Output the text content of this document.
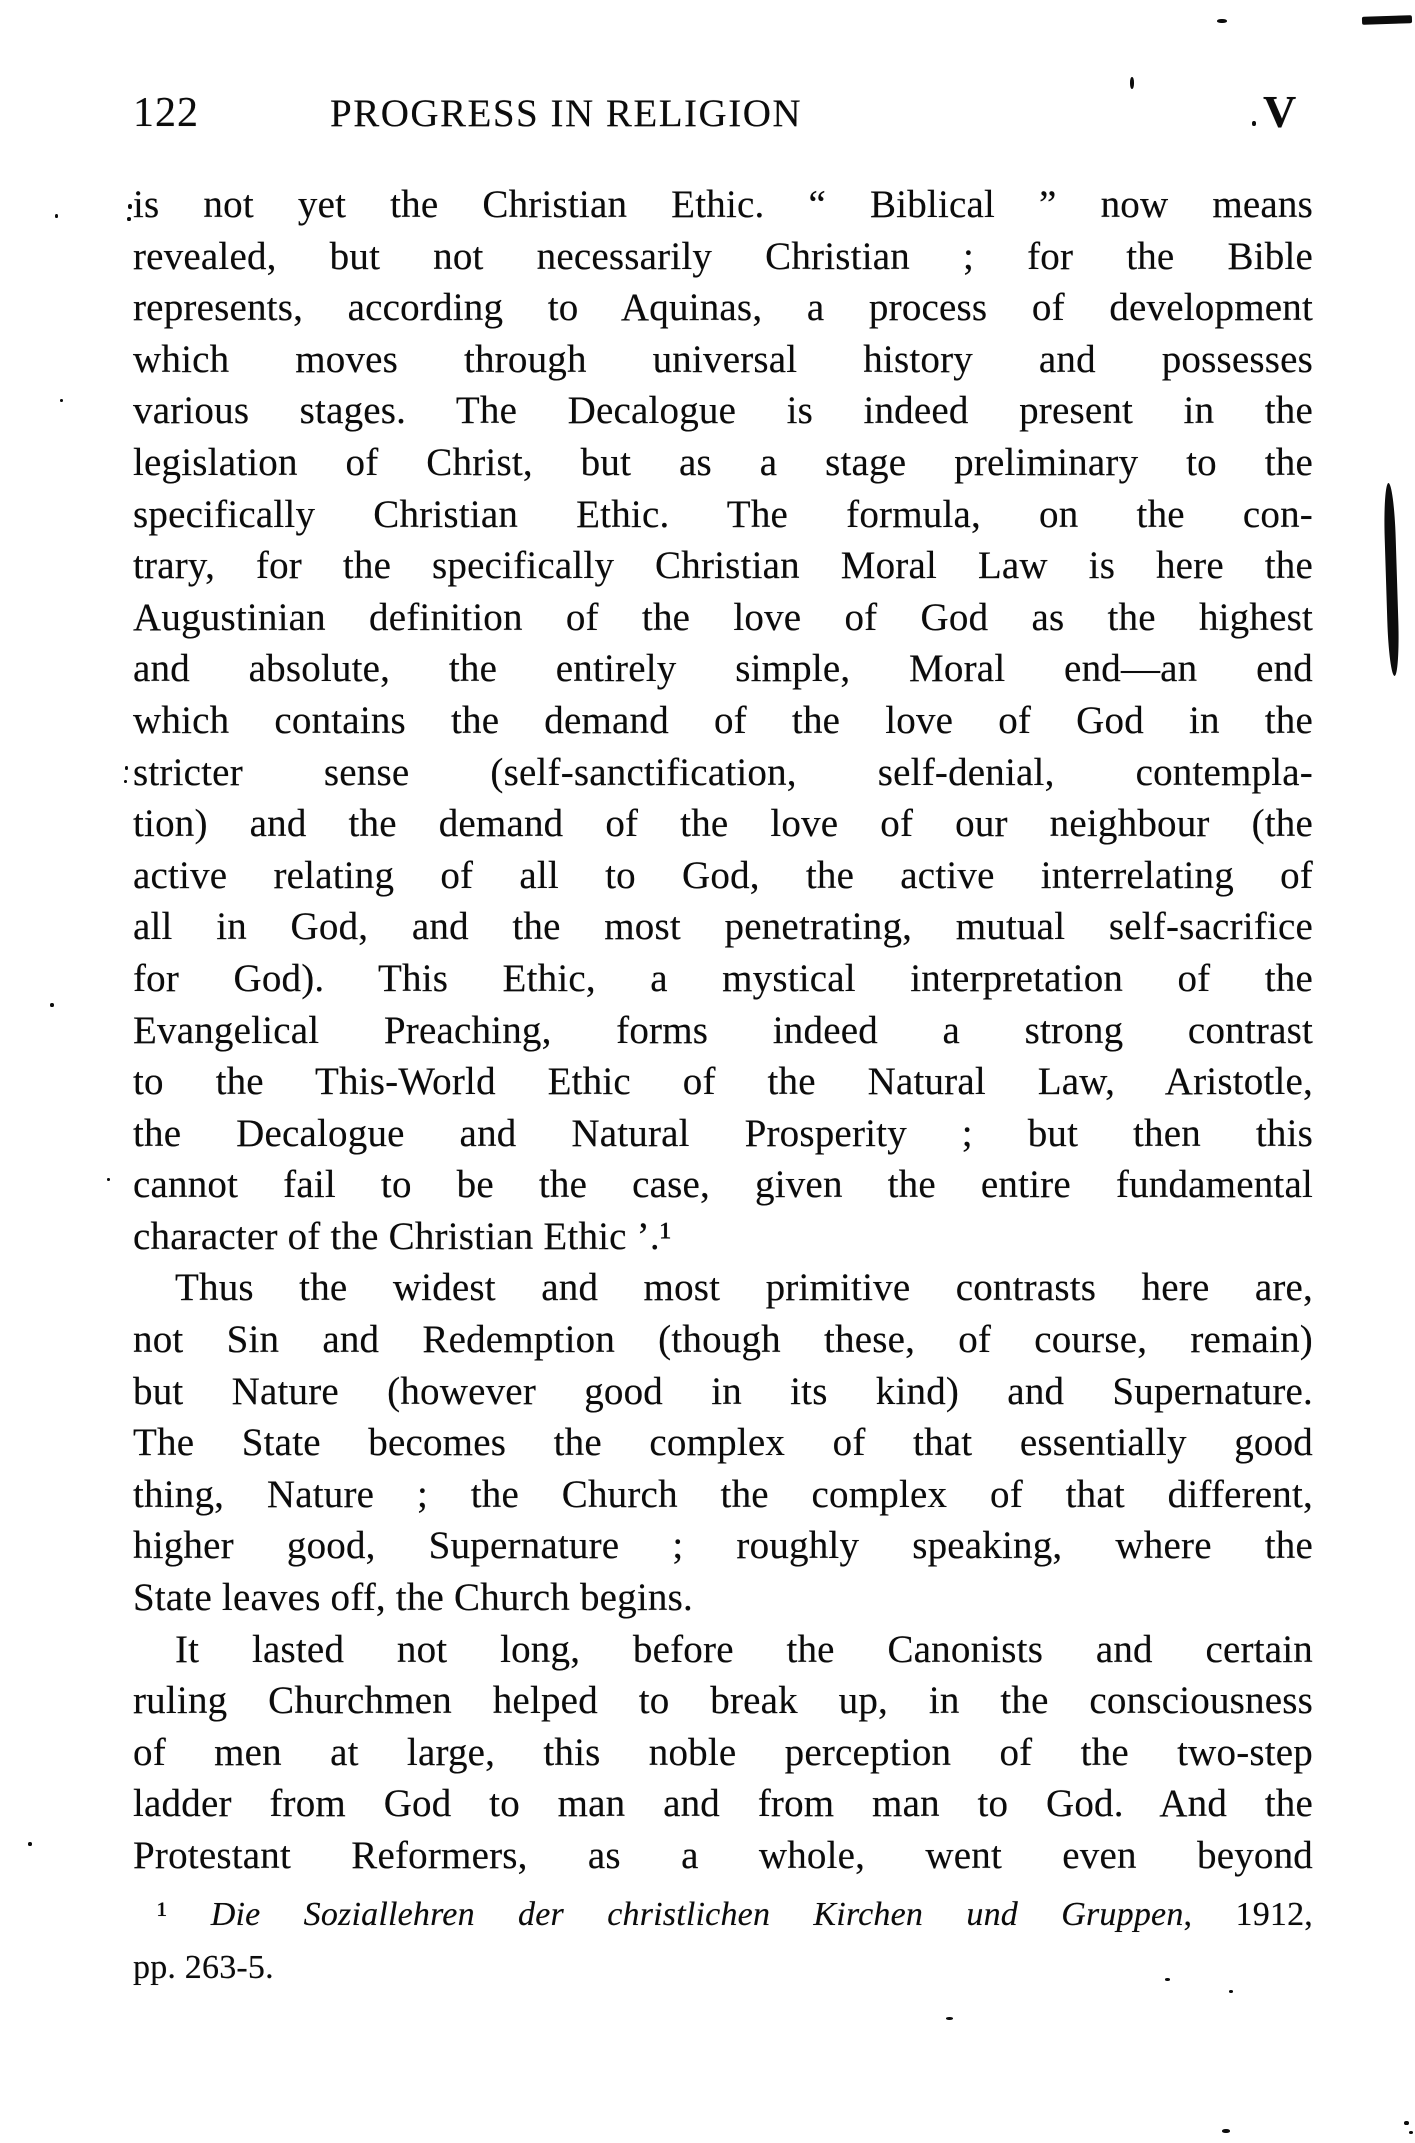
122	PROGRESS IN RELIGION	V
is not yet the Christian Ethic. “ Biblical ” now means
revealed, but not necessarily Christian ; for the Bible
represents, according to Aquinas, a process of development
which moves through universal history and possesses
various stages. The Decalogue is indeed present in the
legislation of Christ, but as a stage preliminary to the
specifically Christian Ethic. The formula, on the con-
trary, for the specifically Christian Moral Law is here the
Augustinian definition of the love of God as the highest
and absolute, the entirely simple, Moral end—an end
which contains the demand of the love of God in the
stricter sense (self-sanctification, self-denial, contempla-
tion) and the demand of the love of our neighbour (the
active relating of all to God, the active interrelating of
all in God, and the most penetrating, mutual self-sacrifice
for God). This Ethic, a mystical interpretation of the
Evangelical Preaching, forms indeed a strong contrast
to the This-World Ethic of the Natural Law, Aristotle,
the Decalogue and Natural Prosperity ; but then this
cannot fail to be the case, given the entire fundamental
character of the Christian Ethic ’.¹
Thus the widest and most primitive contrasts here are,
not Sin and Redemption (though these, of course, remain)
but Nature (however good in its kind) and Supernature.
The State becomes the complex of that essentially good
thing, Nature ; the Church the complex of that different,
higher good, Supernature ; roughly speaking, where the
State leaves off, the Church begins.
It lasted not long, before the Canonists and certain
ruling Churchmen helped to break up, in the consciousness
of men at large, this noble perception of the two-step
ladder from God to man and from man to God. And the
Protestant Reformers, as a whole, went even beyond
¹ Die Soziallehren der christlichen Kirchen und Gruppen, 1912,
pp. 263-5.
